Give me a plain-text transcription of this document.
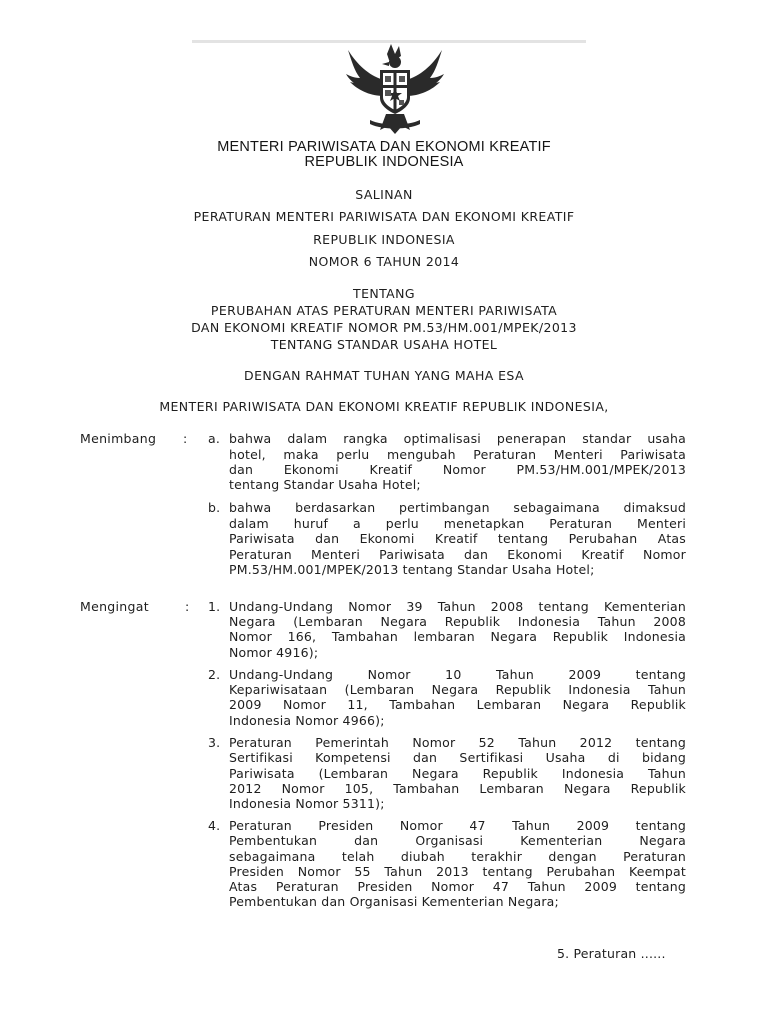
MENTERI PARIWISATA DAN EKONOMI KREATIF
REPUBLIK INDONESIA
SALINAN
PERATURAN MENTERI PARIWISATA DAN EKONOMI KREATIF
REPUBLIK INDONESIA
NOMOR 6 TAHUN 2014
TENTANG
PERUBAHAN ATAS PERATURAN MENTERI PARIWISATA
DAN EKONOMI KREATIF NOMOR PM.53/HM.001/MPEK/2013
TENTANG STANDAR USAHA HOTEL
DENGAN RAHMAT TUHAN YANG MAHA ESA
MENTERI PARIWISATA DAN EKONOMI KREATIF REPUBLIK INDONESIA,
Menimbang : a. bahwa dalam rangka optimalisasi penerapan standar usaha
hotel, maka perlu mengubah Peraturan Menteri Pariwisata
dan Ekonomi Kreatif Nomor PM.53/HM.001/MPEK/2013
tentang Standar Usaha Hotel;
b. bahwa berdasarkan pertimbangan sebagaimana dimaksud
dalam huruf a perlu menetapkan Peraturan Menteri
Pariwisata dan Ekonomi Kreatif tentang Perubahan Atas
Peraturan Menteri Pariwisata dan Ekonomi Kreatif Nomor
PM.53/HM.001/MPEK/2013 tentang Standar Usaha Hotel;
Mengingat	: 1. Undang-Undang Nomor 39 Tahun 2008 tentang Kementerian
Negara (Lembaran Negara Republik Indonesia Tahun 2008
Nomor 166, Tambahan lembaran Negara Republik Indonesia
Nomor 4916);
2. Undang-Undang Nomor 10 Tahun 2009 tentang
Kepariwisataan (Lembaran Negara Republik Indonesia Tahun
2009 Nomor 11, Tambahan Lembaran Negara Republik
Indonesia Nomor 4966);
3. Peraturan Pemerintah Nomor 52 Tahun 2012 tentang
Sertifikasi Kompetensi dan Sertifikasi Usaha di bidang
Pariwisata (Lembaran Negara Republik Indonesia Tahun
2012 Nomor 105, Tambahan Lembaran Negara Republik
Indonesia Nomor 5311);
4. Peraturan Presiden Nomor 47 Tahun 2009 tentang
Pembentukan dan Organisasi Kementerian Negara
sebagaimana telah diubah terakhir dengan Peraturan
Presiden Nomor 55 Tahun 2013 tentang Perubahan Keempat
Atas Peraturan Presiden Nomor 47 Tahun 2009 tentang
Pembentukan dan Organisasi Kementerian Negara;
5. Peraturan ......
